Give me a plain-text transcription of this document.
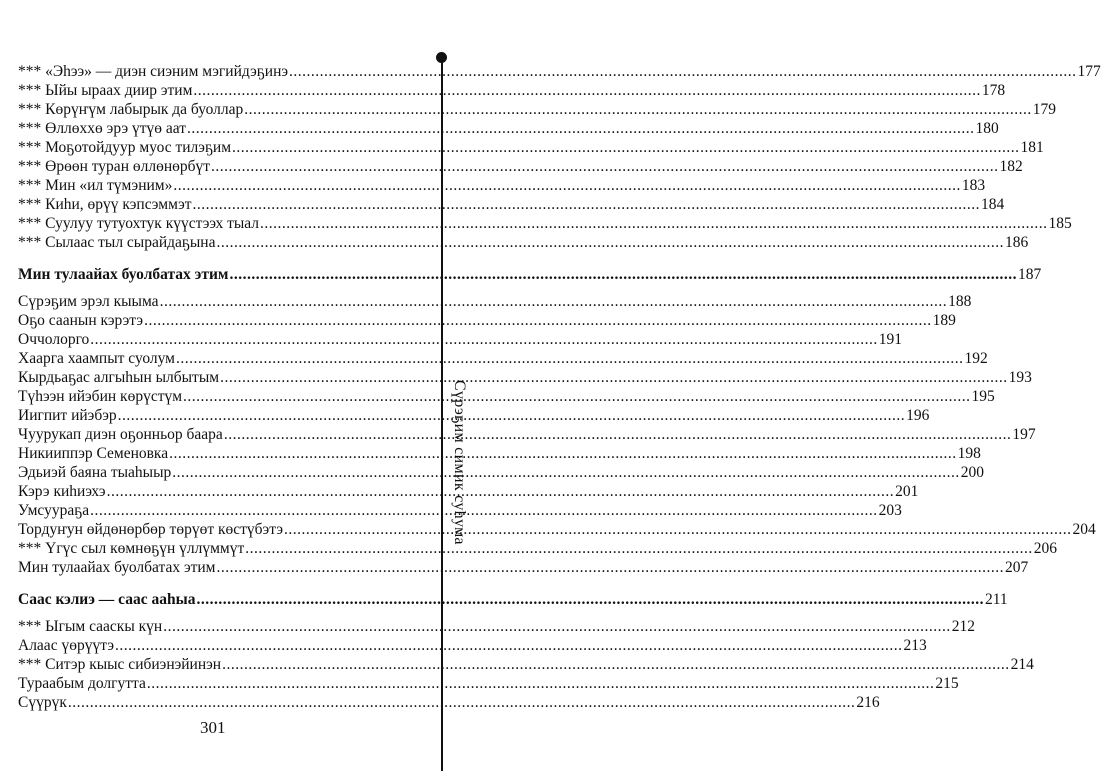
*** «Эһээ» — диэн сиэним мэгийдэҕинэ .....	177
*** Ыйы ыраах диир этим .....	178
*** Көрүҥүм лабырык да буоллар .....	179
*** Өллөххө эрэ үтүө аат .....	180
*** Моҕотойдуур муос тилэҕим .....	181
*** Өрөөн туран өллөнөрбүт .....	182
*** Мин «ил түмэним» .....	183
*** Киһи, өрүү кэпсэммэт .....	184
*** Суулуу тутуохтук күүстээх тыал .....	185
*** Сылаас тыл сырайдаҕына .....	186
Мин тулаайах буолбатах этим .....	187
Сүрэҕим эрэл кыыма .....	188
Оҕо саанын кэрэтэ .....	189
Оччолорго .....	191
Хаарга хаампыт суолум .....	192
Кырдьаҕас алгыһын ылбытым .....	193
Түһээн ийэбин көрүстүм .....	195
Иигпит ийэбэр .....	196
Чуурукап диэн оҕонньор баара .....	197
Никииппэр Семеновка .....	198
Эдьиэй баяна тыаһыыр .....	200
Кэрэ киһиэхэ .....	201
Умсуураҕа .....	203
Тордуҥун өйдөнөрбөр төрүөт көстүбэтэ .....	204
*** Үгүс сыл көмнөҕүн үллүммүт .....	206
Мин тулаайах буолбатах этим .....	207
Саас кэлиэ — саас ааһыа .....	211
*** Ыгым сааскы күн .....	212
Алаас үөрүүтэ .....	213
*** Ситэр кыыс сибиэнэйинэн .....	214
Тураабым долгутта .....	215
Сүүрүк .....	216
301
Сүрэҕим симик суһума
